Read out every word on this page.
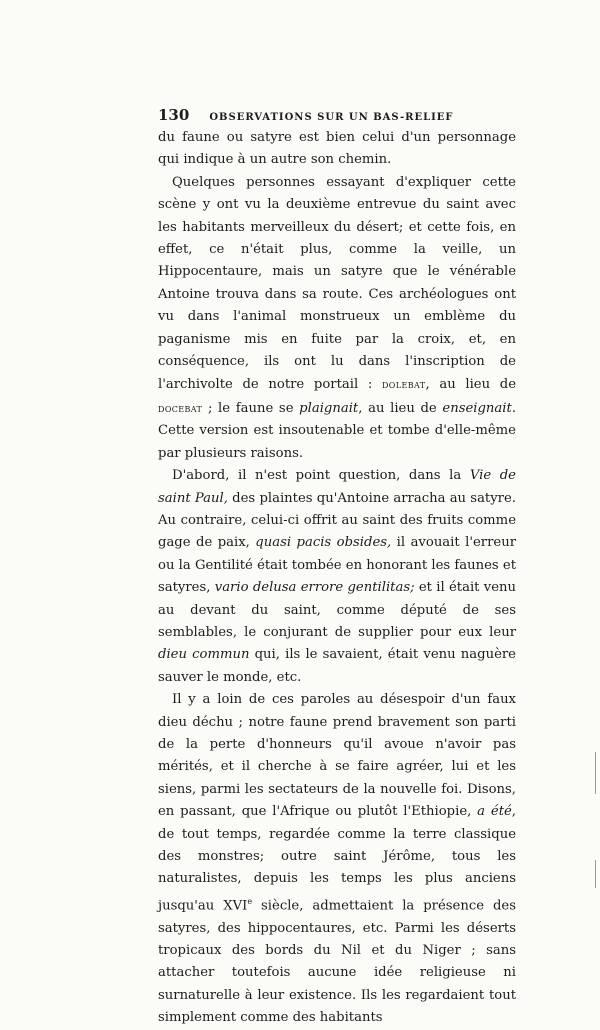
130 OBSERVATIONS SUR UN BAS-RELIEF

du faune ou satyre est bien celui d'un personnage qui indique à un autre son chemin.

Quelques personnes essayant d'expliquer cette scène y ont vu la deuxième entrevue du saint avec les habitants merveilleux du désert; et cette fois, en effet, ce n'était plus, comme la veille, un Hippocentaure, mais un satyre que le vénérable Antoine trouva dans sa route. Ces archéologues ont vu dans l'animal monstrueux un emblème du paganisme mis en fuite par la croix, et, en conséquence, ils ont lu dans l'inscription de l'archivolte de notre portail : dolebat, au lieu de docebat ; le faune se plaignait, au lieu de enseignait. Cette version est insoutenable et tombe d'elle-même par plusieurs raisons.

D'abord, il n'est point question, dans la Vie de saint Paul, des plaintes qu'Antoine arracha au satyre. Au contraire, celui-ci offrit au saint des fruits comme gage de paix, quasi pacis obsides, il avouait l'erreur ou la Gentilité était tombée en honorant les faunes et satyres, vario delusa errore gentilitas; et il était venu au devant du saint, comme député de ses semblables, le conjurant de supplier pour eux leur dieu commun qui, ils le savaient, était venu naguère sauver le monde, etc.

Il y a loin de ces paroles au désespoir d'un faux dieu déchu ; notre faune prend bravement son parti de la perte d'honneurs qu'il avoue n'avoir pas mérités, et il cherche à se faire agréer, lui et les siens, parmi les sectateurs de la nouvelle foi. Disons, en passant, que l'Afrique ou plutôt l'Ethiopie, a été, de tout temps, regardée comme la terre classique des monstres; outre saint Jérôme, tous les naturalistes, depuis les temps les plus anciens jusqu'au XVIe siècle, admettaient la présence des satyres, des hippocentaures, etc. Parmi les déserts tropicaux des bords du Nil et du Niger ; sans attacher toutefois aucune idée religieuse ni surnaturelle à leur existence. Ils les regardaient tout simplement comme des habitants
